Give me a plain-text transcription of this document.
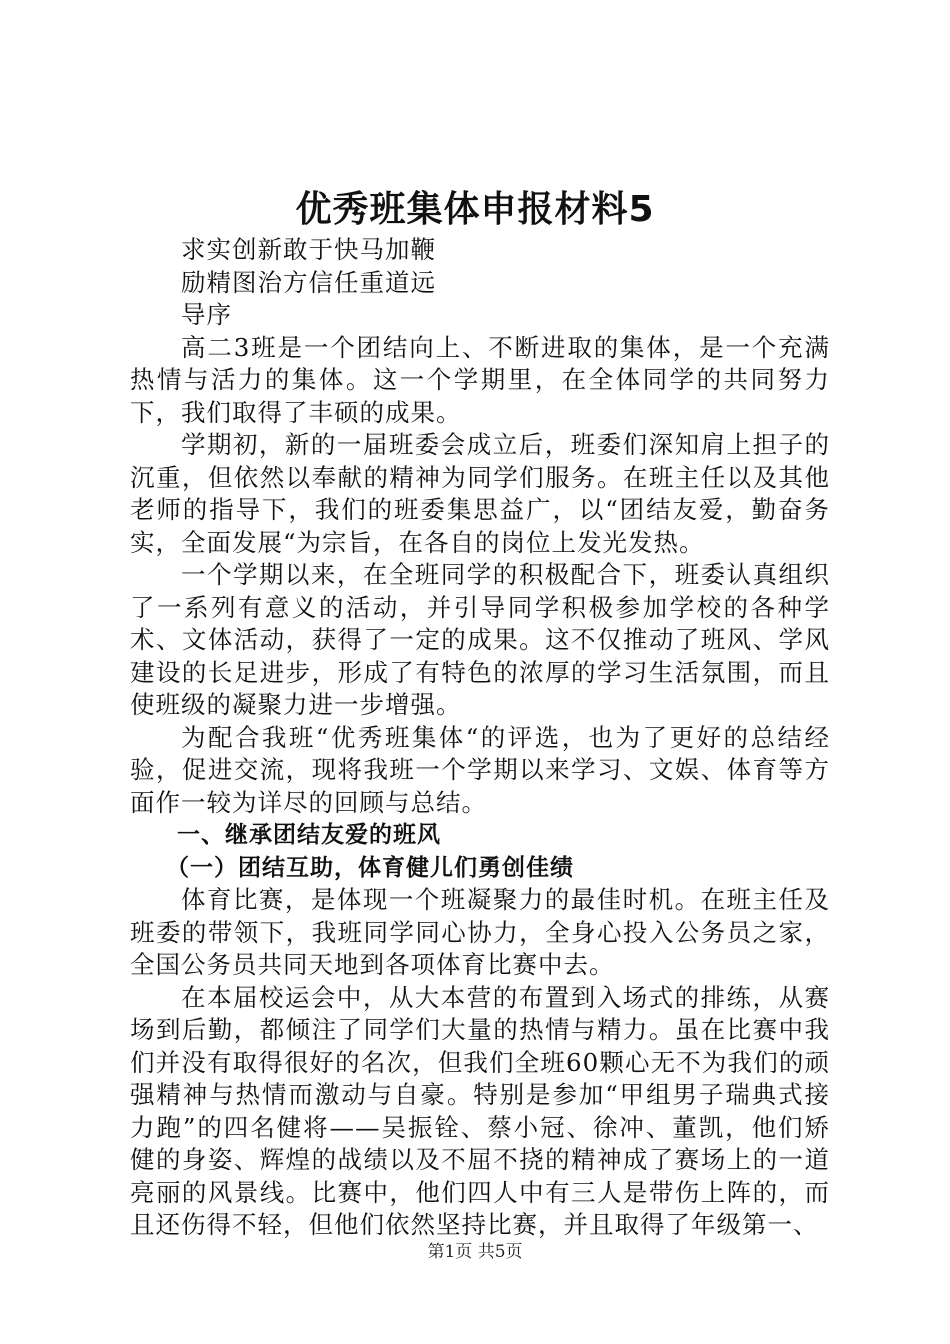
优秀班集体申报材料5

求实创新敢于快马加鞭

励精图治方信任重道远

导序

高二3班是一个团结向上、不断进取的集体，是一个充满热情与活力的集体。这一个学期里，在全体同学的共同努力下，我们取得了丰硕的成果。

学期初，新的一届班委会成立后，班委们深知肩上担子的沉重，但依然以奉献的精神为同学们服务。在班主任以及其他老师的指导下，我们的班委集思益广，以“团结友爱，勤奋务实，全面发展“为宗旨，在各自的岗位上发光发热。

一个学期以来，在全班同学的积极配合下，班委认真组织了一系列有意义的活动，并引导同学积极参加学校的各种学术、文体活动，获得了一定的成果。这不仅推动了班风、学风建设的长足进步，形成了有特色的浓厚的学习生活氛围，而且使班级的凝聚力进一步增强。

为配合我班“优秀班集体“的评选，也为了更好的总结经验，促进交流，现将我班一个学期以来学习、文娱、体育等方面作一较为详尽的回顾与总结。

一、继承团结友爱的班风

（一）团结互助，体育健儿们勇创佳绩

体育比赛，是体现一个班凝聚力的最佳时机。在班主任及班委的带领下，我班同学同心协力，全身心投入公务员之家，全国公务员共同天地到各项体育比赛中去。

在本届校运会中，从大本营的布置到入场式的排练，从赛场到后勤，都倾注了同学们大量的热情与精力。虽在比赛中我们并没有取得很好的名次，但我们全班60颗心无不为我们的顽强精神与热情而激动与自豪。特别是参加“甲组男子瑞典式接力跑”的四名健将——吴振铨、蔡小冠、徐冲、董凯，他们矫健的身姿、辉煌的战绩以及不屈不挠的精神成了赛场上的一道亮丽的风景线。比赛中，他们四人中有三人是带伤上阵的，而且还伤得不轻，但他们依然坚持比赛，并且取得了年级第一、

第1页 共5页
